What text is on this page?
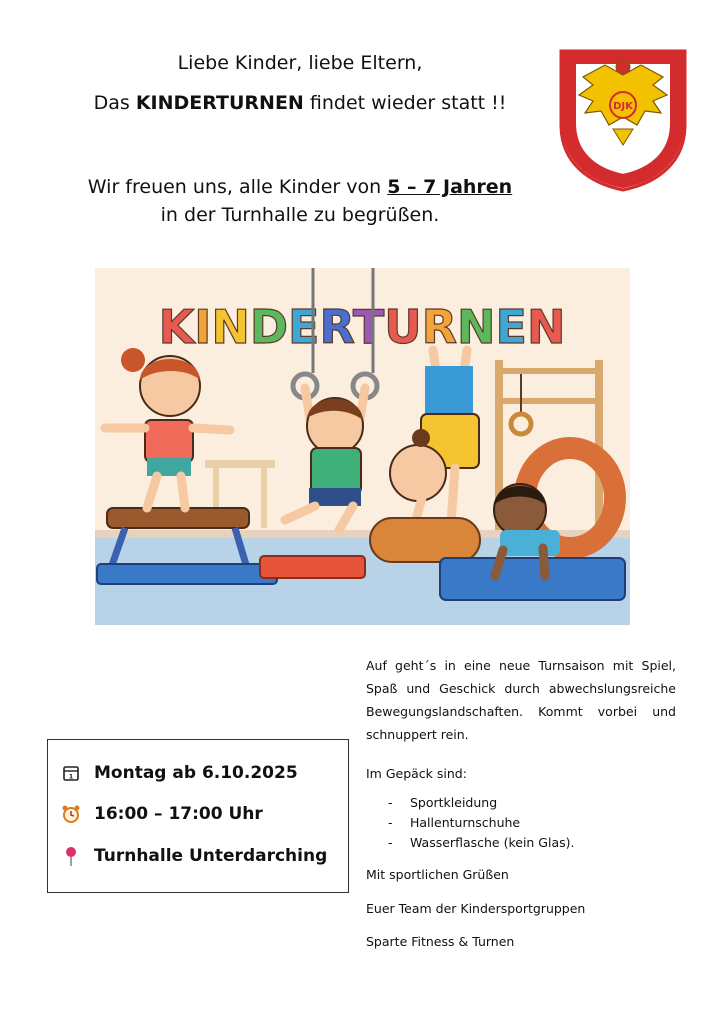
Liebe Kinder, liebe Eltern,
Das KINDERTURNEN findet wieder statt !!
Wir freuen uns, alle Kinder von 5 – 7 Jahren
in der Turnhalle zu begrüßen.
DJK
DJK DARCHING 1959 e.V.
KINDERTURNEN
1 Montag ab 6.10.2025
16:00 – 17:00 Uhr
Turnhalle Unterdarching
Auf geht´s in eine neue Turnsaison mit Spiel, Spaß und Geschick durch abwechslungsreiche Bewegungslandschaften. Kommt vorbei und schnuppert rein.
Im Gepäck sind:
- Sportkleidung
- Hallenturnschuhe
- Wasserflasche (kein Glas).
Mit sportlichen Grüßen
Euer Team der Kindersportgruppen
Sparte Fitness & Turnen
